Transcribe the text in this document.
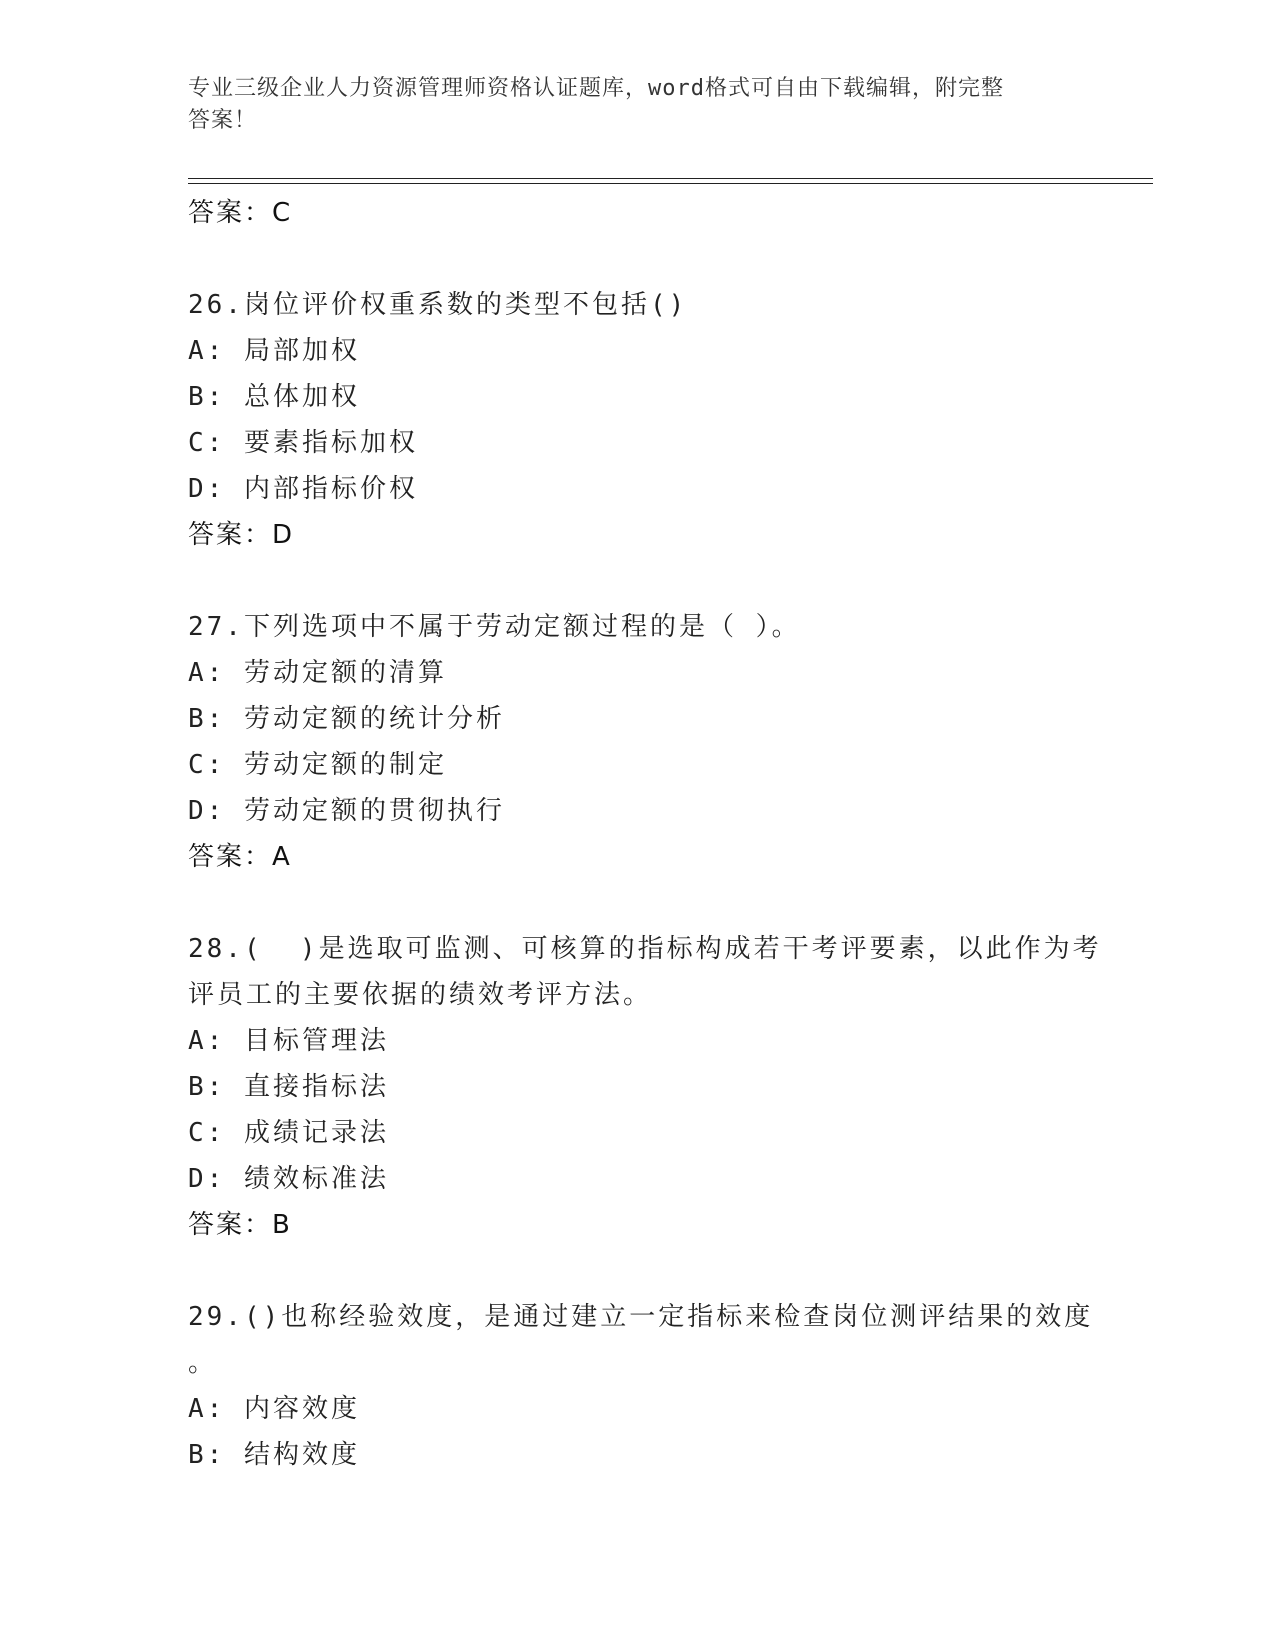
专业三级企业人力资源管理师资格认证题库，word格式可自由下载编辑，附完整
答案！
答案：C
26.岗位评价权重系数的类型不包括()
A: 局部加权
B: 总体加权
C: 要素指标加权
D: 内部指标价权
答案：D
27.下列选项中不属于劳动定额过程的是（ ）。
A: 劳动定额的清算
B: 劳动定额的统计分析
C: 劳动定额的制定
D: 劳动定额的贯彻执行
答案：A
28.(  )是选取可监测、可核算的指标构成若干考评要素，以此作为考
评员工的主要依据的绩效考评方法。
A: 目标管理法
B: 直接指标法
C: 成绩记录法
D: 绩效标准法
答案：B
29.()也称经验效度，是通过建立一定指标来检查岗位测评结果的效度
。
A: 内容效度
B: 结构效度
